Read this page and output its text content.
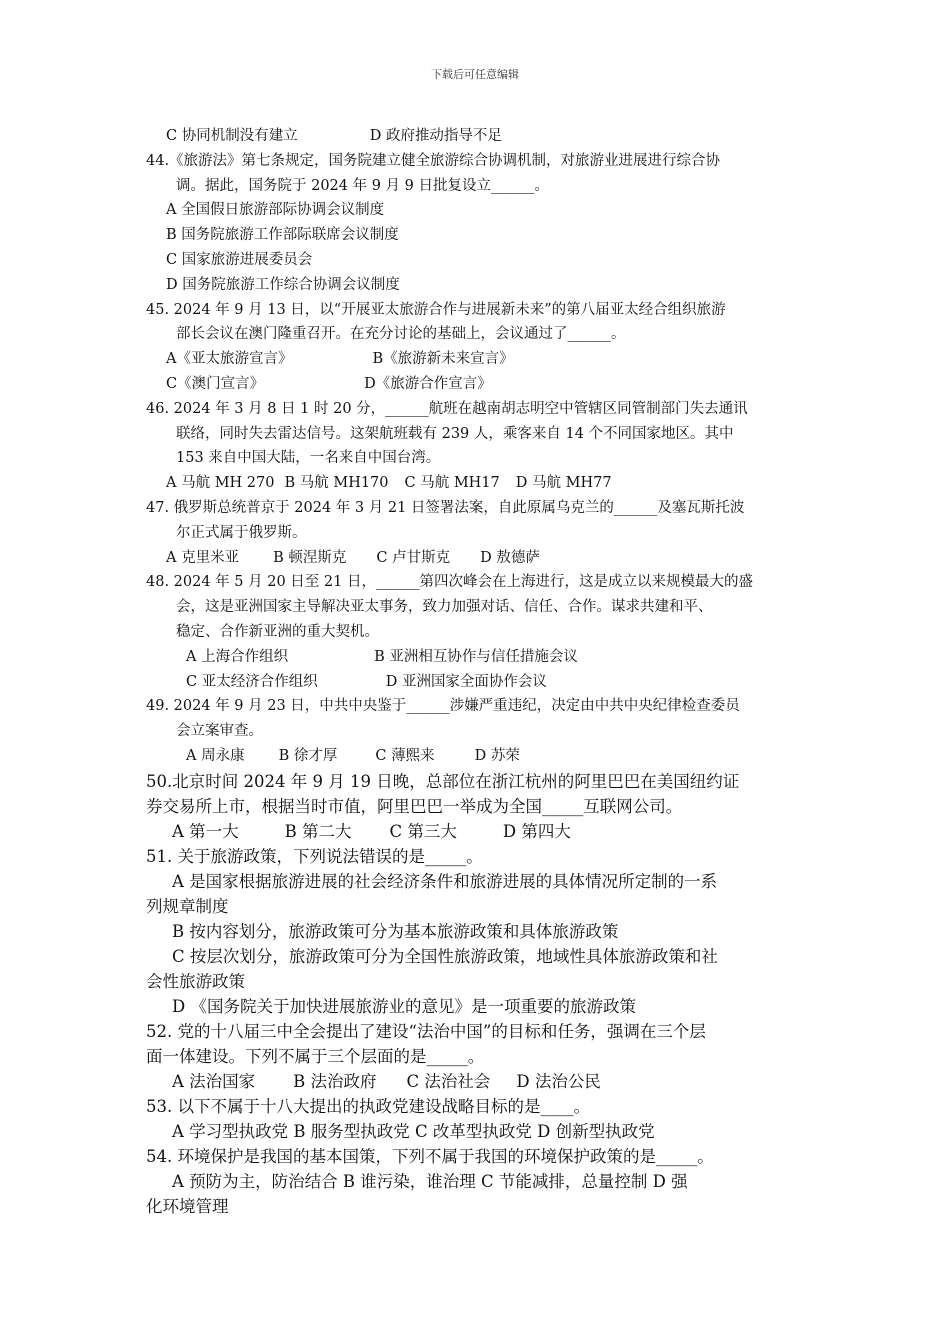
下载后可任意编辑
C 协同机制没有建立	D 政府推动指导不足
44.《旅游法》第七条规定，国务院建立健全旅游综合协调机制，对旅游业进展进行综合协
调。据此，国务院于 2024 年 9 月 9 日批复设立______。
A 全国假日旅游部际协调会议制度
B 国务院旅游工作部际联席会议制度
C 国家旅游进展委员会
D 国务院旅游工作综合协调会议制度
45. 2024 年 9 月 13 日，以“开展亚太旅游合作与进展新未来”的第八届亚太经合组织旅游
部长会议在澳门隆重召开。在充分讨论的基础上，会议通过了______。
A《亚太旅游宣言》	B《旅游新未来宣言》
C《澳门宣言》	D《旅游合作宣言》
46. 2024 年 3 月 8 日 1 时 20 分，______航班在越南胡志明空中管辖区同管制部门失去通讯
联络，同时失去雷达信号。这架航班载有 239 人，乘客来自 14 个不同国家地区。其中
153 来自中国大陆，一名来自中国台湾。
A 马航 MH 270 B 马航 MH170 C 马航 MH17 D 马航 MH77
47. 俄罗斯总统普京于 2024 年 3 月 21 日签署法案，自此原属乌克兰的______及塞瓦斯托波
尔正式属于俄罗斯。
A 克里米亚 B 顿涅斯克 C 卢甘斯克 D 敖德萨
48. 2024 年 5 月 20 日至 21 日，______第四次峰会在上海进行，这是成立以来规模最大的盛
会，这是亚洲国家主导解决亚太事务，致力加强对话、信任、合作。谋求共建和平、
稳定、合作新亚洲的重大契机。
A 上海合作组织	B 亚洲相互协作与信任措施会议
C 亚太经济合作组织	D 亚洲国家全面协作会议
49. 2024 年 9 月 23 日，中共中央鉴于______涉嫌严重违纪，决定由中共中央纪律检查委员
会立案审查。
A 周永康 B 徐才厚	C 薄熙来	D 苏荣
50.北京时间 2024 年 9 月 19 日晚，总部位在浙江杭州的阿里巴巴在美国纽约证
券交易所上市，根据当时市值，阿里巴巴一举成为全国_____互联网公司。
A 第一大	B 第二大 C 第三大	D 第四大
51. 关于旅游政策，下列说法错误的是_____。
A 是国家根据旅游进展的社会经济条件和旅游进展的具体情况所定制的一系
列规章制度
B 按内容划分，旅游政策可分为基本旅游政策和具体旅游政策
C 按层次划分，旅游政策可分为全国性旅游政策，地域性具体旅游政策和社
会性旅游政策
D 《国务院关于加快进展旅游业的意见》是一项重要的旅游政策
52. 党的十八届三中全会提出了建设“法治中国”的目标和任务，强调在三个层
面一体建设。下列不属于三个层面的是_____。
A 法治国家 B 法治政府 C 法治社会 D 法治公民
53. 以下不属于十八大提出的执政党建设战略目标的是____。
A 学习型执政党 B 服务型执政党 C 改革型执政党 D 创新型执政党
54. 环境保护是我国的基本国策，下列不属于我国的环境保护政策的是_____。
A 预防为主，防治结合 B 谁污染，谁治理 C 节能减排，总量控制 D 强
化环境管理
